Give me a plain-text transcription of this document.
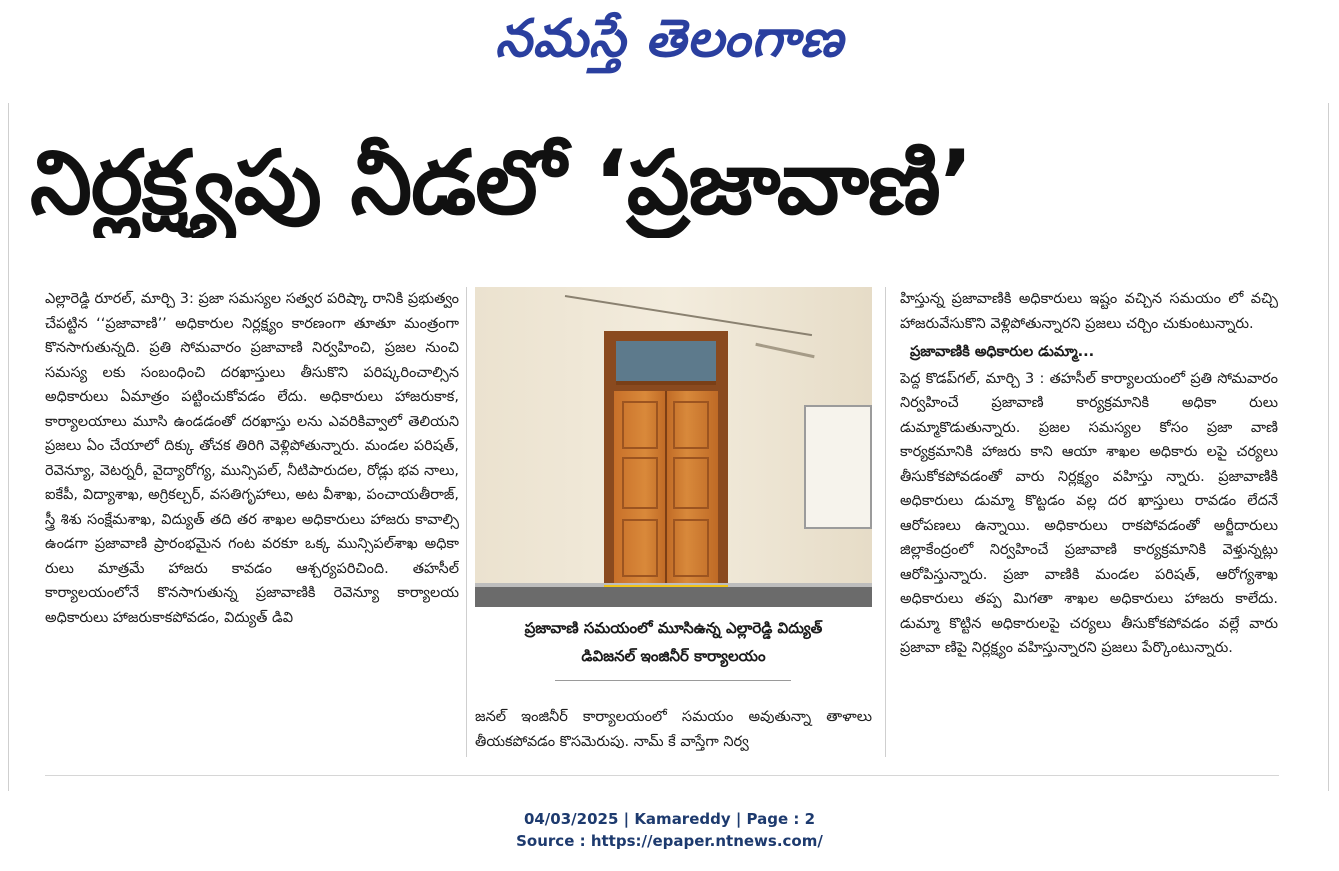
నమస్తే తెలంగాణ
నిర్లక్ష్యపు నీడలో ‘ప్రజావాణి’

ఎల్లారెడ్డి రూరల్, మార్చి 3: ప్రజా సమస్యల సత్వర పరిష్కా రానికి ప్రభుత్వం చేపట్టిన ‘‘ప్రజావాణి’’ అధికారుల నిర్లక్ష్యం కారణంగా తూతూ మంత్రంగా కొనసాగుతున్నది. ప్రతి సోమవారం ప్రజావాణి నిర్వహించి, ప్రజల నుంచి సమస్య లకు సంబంధించి దరఖాస్తులు తీసుకొని పరిష్కరించాల్సిన అధికారులు ఏమాత్రం పట్టించుకోవడం లేదు. అధికారులు హాజరుకాక, కార్యాలయాలు మూసి ఉండడంతో దరఖాస్తు లను ఎవరికివ్వాలో తెలియని ప్రజలు ఏం చేయాలో దిక్కు తోచక తిరిగి వెళ్లిపోతున్నారు. మండల పరిషత్, రెవెన్యూ, వెటర్నరీ, వైద్యారోగ్య, మున్సిపల్, నీటిపారుదల, రోడ్లు భవ నాలు, ఐకేపీ, విద్యాశాఖ, అగ్రికల్చర్, వసతిగృహాలు, అట వీశాఖ, పంచాయతీరాజ్, స్త్రీ శిశు సంక్షేమశాఖ, విద్యుత్ తది తర శాఖల అధికారులు హాజరు కావాల్సి ఉండగా ప్రజావాణి ప్రారంభమైన గంట వరకూ ఒక్క మున్సిపల్‌శాఖ అధికా రులు మాత్రమే హాజరు కావడం ఆశ్చర్యపరిచింది. తహసీల్ కార్యాలయంలోనే కొనసాగుతున్న ప్రజావాణికి రెవెన్యూ కార్యాలయ అధికారులు హాజరుకాకపోవడం, విద్యుత్ డివి

ప్రజావాణి సమయంలో మూసిఉన్న ఎల్లారెడ్డి విద్యుత్
డివిజనల్ ఇంజినీర్ కార్యాలయం

జనల్ ఇంజినీర్ కార్యాలయంలో సమయం అవుతున్నా తాళాలు తీయకపోవడం కొసమెరుపు. నామ్ కే వాస్తేగా నిర్వ

హిస్తున్న ప్రజావాణికి అధికారులు ఇష్టం వచ్చిన సమయం లో వచ్చి హాజరువేసుకొని వెళ్లిపోతున్నారని ప్రజలు చర్చిం చుకుంటున్నారు.

ప్రజావాణికి అధికారుల డుమ్మా...

పెద్ద కొడప్‌గల్, మార్చి 3 : తహసీల్ కార్యాలయంలో ప్రతి సోమవారం నిర్వహించే ప్రజావాణి కార్యక్రమానికి అధికా రులు డుమ్మాకొడుతున్నారు. ప్రజల సమస్యల కోసం ప్రజా వాణి కార్యక్రమానికి హాజరు కాని ఆయా శాఖల అధికారు లపై చర్యలు తీసుకోకపోవడంతో వారు నిర్లక్ష్యం వహిస్తు న్నారు. ప్రజావాణికి అధికారులు డుమ్మా కొట్టడం వల్ల దర ఖాస్తులు రావడం లేదనే ఆరోపణలు ఉన్నాయి. అధికారులు రాకపోవడంతో అర్జీదారులు జిల్లాకేంద్రంలో నిర్వహించే ప్రజావాణి కార్యక్రమానికి వెళ్తున్నట్లు ఆరోపిస్తున్నారు. ప్రజా వాణికి మండల పరిషత్, ఆరోగ్యశాఖ అధికారులు తప్ప మిగతా శాఖల అధికారులు హాజరు కాలేదు. డుమ్మా కొట్టిన అధికారులపై చర్యలు తీసుకోకపోవడం వల్లే వారు ప్రజావా ణిపై నిర్లక్ష్యం వహిస్తున్నారని ప్రజలు పేర్కొంటున్నారు.

04/03/2025 | Kamareddy | Page : 2
Source : https://epaper.ntnews.com/
